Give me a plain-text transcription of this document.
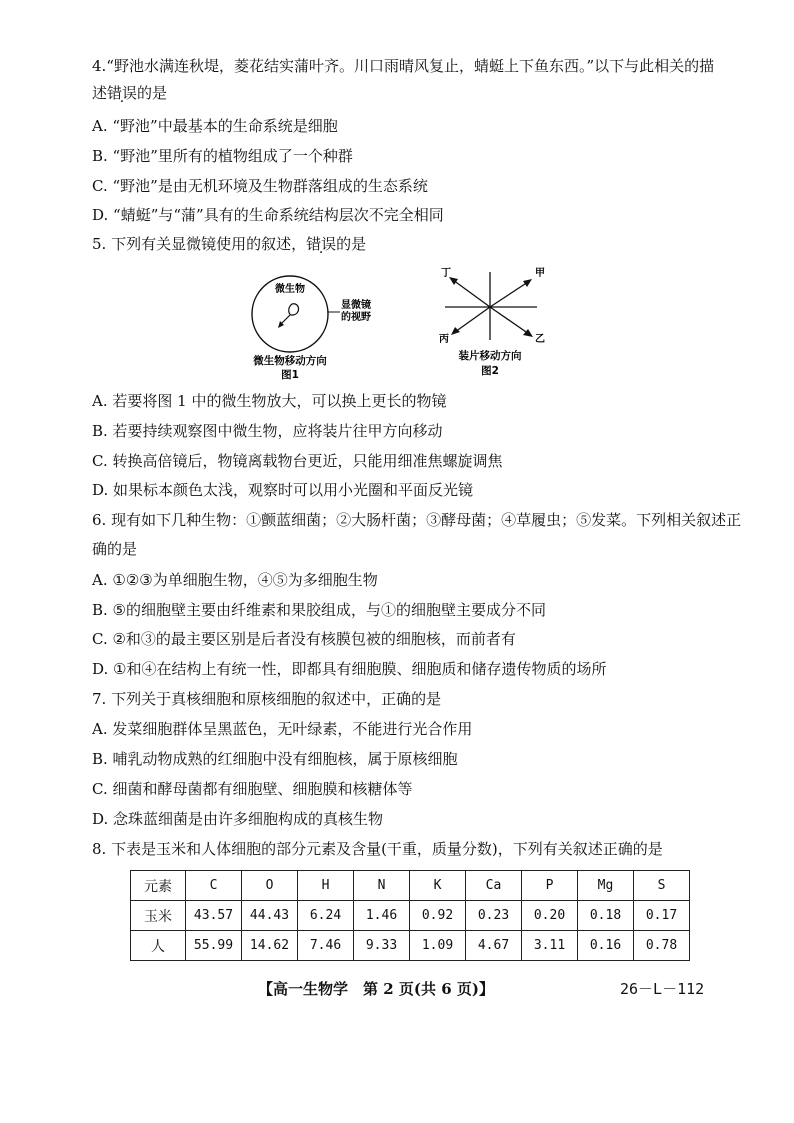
4.“野池水满连秋堤，菱花结实蒲叶齐。川口雨晴风复止，蜻蜓上下鱼东西。”以下与此相关的描
述错误的是
A. “野池”中最基本的生命系统是细胞
B. “野池”里所有的植物组成了一个种群
C. “野池”是由无机环境及生物群落组成的生态系统
D. “蜻蜓”与“蒲”具有的生命系统结构层次不完全相同
5. 下列有关显微镜使用的叙述，错误的是
微生物
显微镜
的视野
微生物移动方向
图1
丁	甲
丙	乙
装片移动方向
图2
A. 若要将图 1 中的微生物放大，可以换上更长的物镜
B. 若要持续观察图中微生物，应将装片往甲方向移动
C. 转换高倍镜后，物镜离载物台更近，只能用细准焦螺旋调焦
D. 如果标本颜色太浅，观察时可以用小光圈和平面反光镜
6. 现有如下几种生物：①颤蓝细菌；②大肠杆菌；③酵母菌；④草履虫；⑤发菜。下列相关叙述正
确的是
A. ①②③为单细胞生物，④⑤为多细胞生物
B. ⑤的细胞壁主要由纤维素和果胶组成，与①的细胞壁主要成分不同
C. ②和③的最主要区别是后者没有核膜包被的细胞核，而前者有
D. ①和④在结构上有统一性，即都具有细胞膜、细胞质和储存遗传物质的场所
7. 下列关于真核细胞和原核细胞的叙述中，正确的是
A. 发菜细胞群体呈黑蓝色，无叶绿素，不能进行光合作用
B. 哺乳动物成熟的红细胞中没有细胞核，属于原核细胞
C. 细菌和酵母菌都有细胞壁、细胞膜和核糖体等
D. 念珠蓝细菌是由许多细胞构成的真核生物
8. 下表是玉米和人体细胞的部分元素及含量(干重，质量分数)，下列有关叙述正确的是
元素	C	O	H	N	K	Ca	P	Mg	S
玉米	43.57	44.43	6.24	1.46	0.92	0.23	0.20	0.18	0.17
人	55.99	14.62	7.46	9.33	1.09	4.67	3.11	0.16	0.78
【高一生物学　第 2 页(共 6 页)】	26－L－112
